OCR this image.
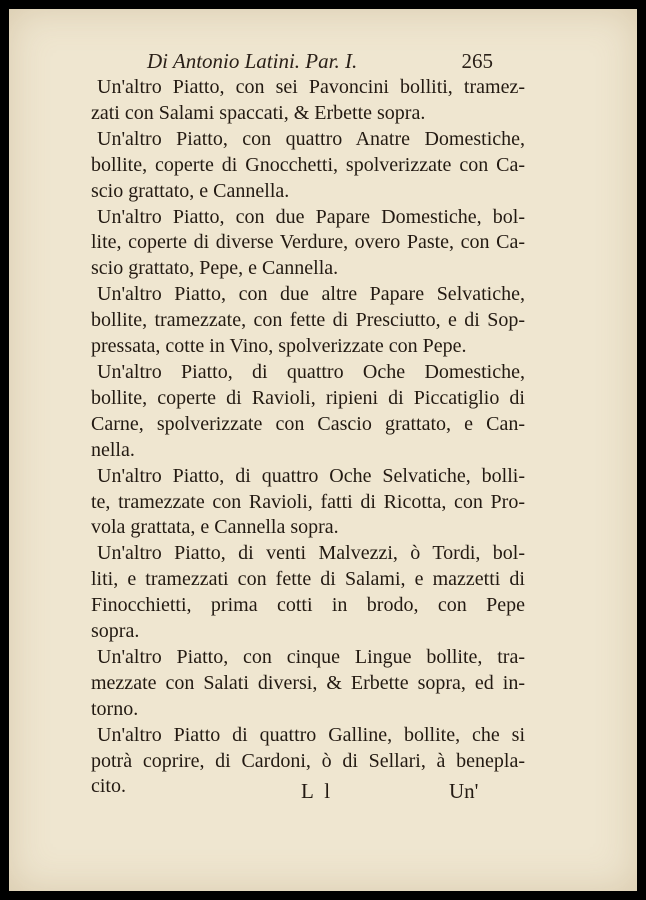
Di Antonio Latini. Par. I.	265
Un'altro Piatto, con sei Pavoncini bolliti, tramez-
zati con Salami spaccati, & Erbette sopra.
Un'altro Piatto, con quattro Anatre Domestiche,
bollite, coperte di Gnocchetti, spolverizzate con Ca-
scio grattato, e Cannella.
Un'altro Piatto, con due Papare Domestiche, bol-
lite, coperte di diverse Verdure, overo Paste, con Ca-
scio grattato, Pepe, e Cannella.
Un'altro Piatto, con due altre Papare Selvatiche,
bollite, tramezzate, con fette di Presciutto, e di Sop-
pressata, cotte in Vino, spolverizzate con Pepe.
Un'altro Piatto, di quattro Oche Domestiche,
bollite, coperte di Ravioli, ripieni di Piccatiglio di
Carne, spolverizzate con Cascio grattato, e Can-
nella.
Un'altro Piatto, di quattro Oche Selvatiche, bolli-
te, tramezzate con Ravioli, fatti di Ricotta, con Pro-
vola grattata, e Cannella sopra.
Un'altro Piatto, di venti Malvezzi, ò Tordi, bol-
liti, e tramezzati con fette di Salami, e mazzetti di
Finocchietti, prima cotti in brodo, con Pepe
sopra.
Un'altro Piatto, con cinque Lingue bollite, tra-
mezzate con Salati diversi, & Erbette sopra, ed in-
torno.
Un'altro Piatto di quattro Galline, bollite, che si
potrà coprire, di Cardoni, ò di Sellari, à benepla-
cito.	L l	Un'
